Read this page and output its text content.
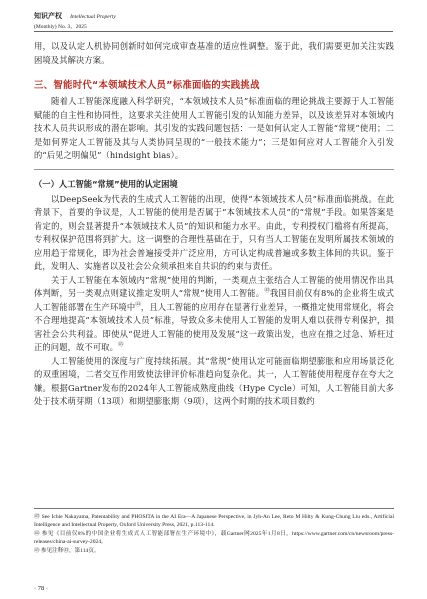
知识产权 Intellectual Property
(Monthly) No. 3，2025

用，以及认定人机协同创新时如何完成审查基准的适应性调整。鉴于此，我们需要更加关注实践困境及其解决方案。

三、智能时代“本领域技术人员”标准面临的实践挑战

随着人工智能深度融入科学研究，“本领域技术人员”标准面临的理论挑战主要源于人工智能赋能的自主性和协同性，这要求关注使用人工智能引发的认知能力差异，以及该差异对本领域内技术人员共识形成的潜在影响。其引发的实践问题包括：一是如何认定人工智能“常规”使用；二是如何界定人工智能及其与人类协同呈现的“一般技术能力”；三是如何应对人工智能介入引发的“后见之明偏见”（hindsight bias）。

（一）人工智能“常规”使用的认定困境

以DeepSeek为代表的生成式人工智能的出现，使得“本领域技术人员”标准面临挑战。在此背景下，首要的争议是，人工智能的使用是否属于“本领域技术人员”的“常规”手段。如果答案是肯定的，则会显著提升“本领域技术人员”的知识和能力水平。由此，专利授权门槛将有所提高，专利权保护范围将到扩大。这一调整的合理性基础在于，只有当人工智能在发明所属技术领域的应用趋于常规化，即为社会普遍接受并广泛应用，方可认定构成普遍或多数主体间的共识。鉴于此，发明人、实施者以及社会公众须承担来自共识的约束与责任。

关于人工智能在本领域内“常规”使用的判断，一类观点主张结合人工智能的使用情况作出具体判断，另一类观点则建议推定发明人“常规”使用人工智能。$^㊸$我国目前仅有8%的企业将生成式人工智能部署在生产环境中$^㊹$，且人工智能的应用存在显著行业差异，一概推定使用常规化，将会不合理地提高“本领域技术人员”标准，导致众多未使用人工智能的发明人难以获得专利保护，损害社会公共利益。即使从“促进人工智能的使用及发展”这一政策出发，也应在推之过急、矫枉过正的问题，故不可取。$^㊺$

人工智能使用的深度与广度持续拓展。其“常规”使用认定可能面临期望膨胀和应用场景泛化的双重困境，二者交互作用致使法律评价标准趋向复杂化。其一，人工智能使用程度存在夸大之嫌。根据Gartner发布的2024年人工智能成熟度曲线（Hype Cycle）可知，人工智能目前大多处于技术萌芽期（13项）和期望膨胀期（9项），这两个时期的技术项目数约

㊸ See Ichie Nakayama, Patentability and PHOSITA in the AI Era—A Japanese Perspective, in Jyh-An Lee, Reto M Hilty & Kung-Chung Liu eds., Artificial Intelligence and Intellectual Property, Oxford University Press, 2021, p.113-114.

㊹ 参见《目前仅8%的中国企业将生成式人工智能部署在生产环境中》，载Gartner网2025年1月8日，https://www.gartner.com/cn/newsroom/press-releases/china-ai-survey-2024。

㊺ 参见注释㊸，第114页。

· 78 ·
